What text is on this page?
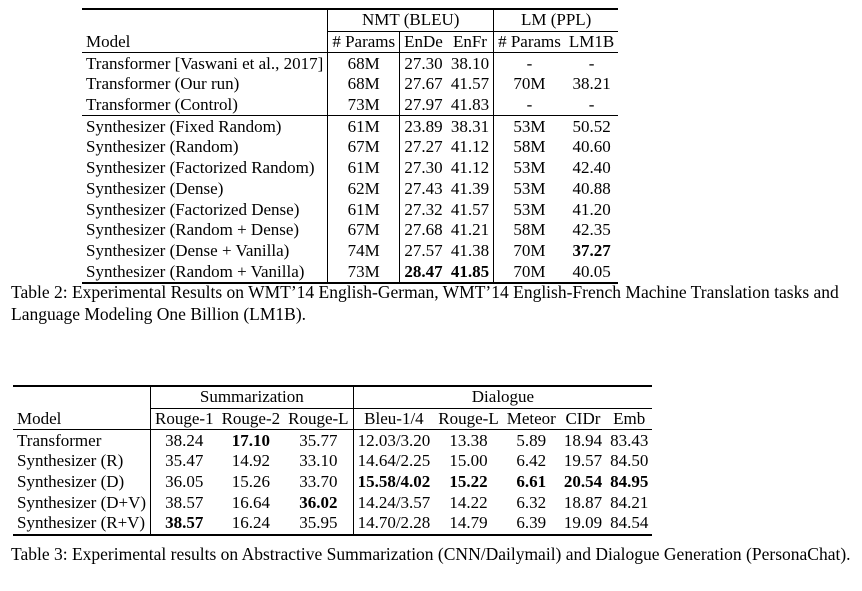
	NMT (BLEU)			LM (PPL)	
Model	# Params	EnDe	EnFr	# Params	LM1B
Transformer [Vaswani et al., 2017]	68M	27.30	38.10	-	-
Transformer (Our run)	68M	27.67	41.57	70M	38.21
Transformer (Control)	73M	27.97	41.83	-	-
Synthesizer (Fixed Random)	61M	23.89	38.31	53M	50.52
Synthesizer (Random)	67M	27.27	41.12	58M	40.60
Synthesizer (Factorized Random)	61M	27.30	41.12	53M	42.40
Synthesizer (Dense)	62M	27.43	41.39	53M	40.88
Synthesizer (Factorized Dense)	61M	27.32	41.57	53M	41.20
Synthesizer (Random + Dense)	67M	27.68	41.21	58M	42.35
Synthesizer (Dense + Vanilla)	74M	27.57	41.38	70M	37.27
Synthesizer (Random + Vanilla)	73M	28.47	41.85	70M	40.05
Table 2: Experimental Results on WMT’14 English-German, WMT’14 English-French Machine Translation tasks and Language Modeling One Billion (LM1B).
	Summarization			Dialogue				
Model	Rouge-1	Rouge-2	Rouge-L	Bleu-1/4	Rouge-L	Meteor	CIDr	Emb
Transformer	38.24	17.10	35.77	12.03/3.20	13.38	5.89	18.94	83.43
Synthesizer (R)	35.47	14.92	33.10	14.64/2.25	15.00	6.42	19.57	84.50
Synthesizer (D)	36.05	15.26	33.70	15.58/4.02	15.22	6.61	20.54	84.95
Synthesizer (D+V)	38.57	16.64	36.02	14.24/3.57	14.22	6.32	18.87	84.21
Synthesizer (R+V)	38.57	16.24	35.95	14.70/2.28	14.79	6.39	19.09	84.54
Table 3: Experimental results on Abstractive Summarization (CNN/Dailymail) and Dialogue Generation (PersonaChat).
